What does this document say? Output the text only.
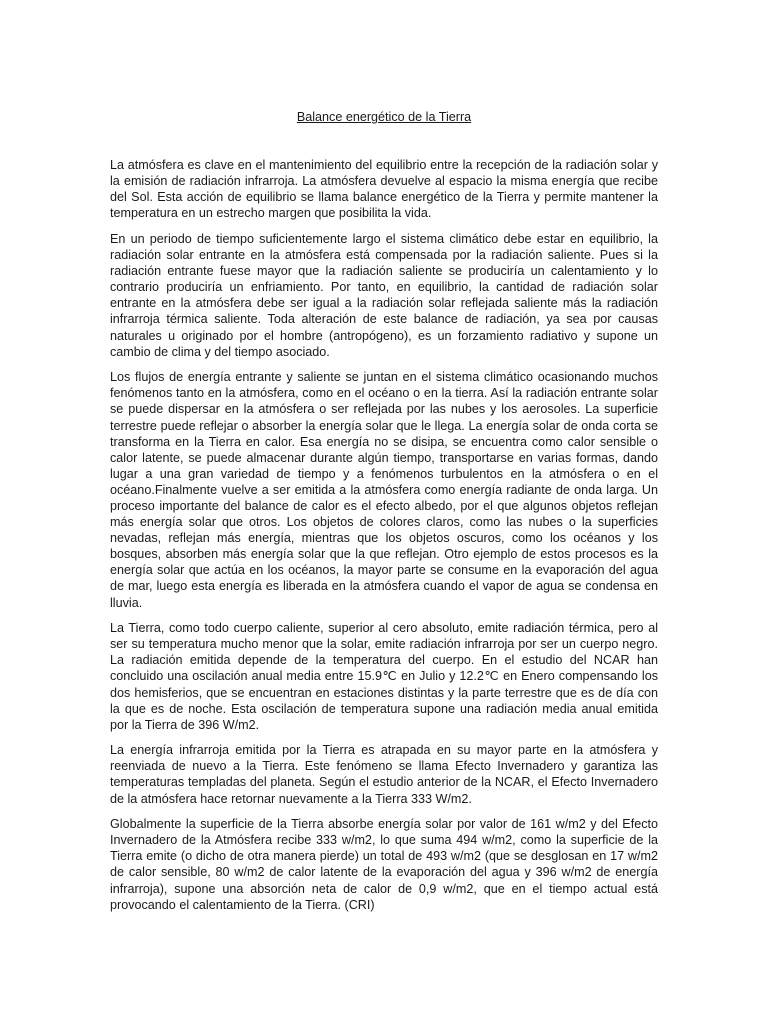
Balance energético de la Tierra

La atmósfera es clave en el mantenimiento del equilibrio entre la recepción de la radiación solar y la emisión de radiación infrarroja. La atmósfera devuelve al espacio la misma energía que recibe del Sol. Esta acción de equilibrio se llama balance energético de la Tierra y permite mantener la temperatura en un estrecho margen que posibilita la vida.

En un periodo de tiempo suficientemente largo el sistema climático debe estar en equilibrio, la radiación solar entrante en la atmósfera está compensada por la radiación saliente. Pues si la radiación entrante fuese mayor que la radiación saliente se produciría un calentamiento y lo contrario produciría un enfriamiento. Por tanto, en equilibrio, la cantidad de radiación solar entrante en la atmósfera debe ser igual a la radiación solar reflejada saliente más la radiación infrarroja térmica saliente. Toda alteración de este balance de radiación, ya sea por causas naturales u originado por el hombre (antropógeno), es un forzamiento radiativo y supone un cambio de clima y del tiempo asociado.

Los flujos de energía entrante y saliente se juntan en el sistema climático ocasionando muchos fenómenos tanto en la atmósfera, como en el océano o en la tierra. Así la radiación entrante solar se puede dispersar en la atmósfera o ser reflejada por las nubes y los aerosoles. La superficie terrestre puede reflejar o absorber la energía solar que le llega. La energía solar de onda corta se transforma en la Tierra en calor. Esa energía no se disipa, se encuentra como calor sensible o calor latente, se puede almacenar durante algún tiempo, transportarse en varias formas, dando lugar a una gran variedad de tiempo y a fenómenos turbulentos en la atmósfera o en el océano.Finalmente vuelve a ser emitida a la atmósfera como energía radiante de onda larga. Un proceso importante del balance de calor es el efecto albedo, por el que algunos objetos reflejan más energía solar que otros. Los objetos de colores claros, como las nubes o la superficies nevadas, reflejan más energía, mientras que los objetos oscuros, como los océanos y los bosques, absorben más energía solar que la que reflejan. Otro ejemplo de estos procesos es la energía solar que actúa en los océanos, la mayor parte se consume en la evaporación del agua de mar, luego esta energía es liberada en la atmósfera cuando el vapor de agua se condensa en lluvia.

La Tierra, como todo cuerpo caliente, superior al cero absoluto, emite radiación térmica, pero al ser su temperatura mucho menor que la solar, emite radiación infrarroja por ser un cuerpo negro. La radiación emitida depende de la temperatura del cuerpo. En el estudio del NCAR han concluido una oscilación anual media entre 15.9℃ en Julio y 12.2℃ en Enero compensando los dos hemisferios, que se encuentran en estaciones distintas y la parte terrestre que es de día con la que es de noche. Esta oscilación de temperatura supone una radiación media anual emitida por la Tierra de 396 W/m2.

La energía infrarroja emitida por la Tierra es atrapada en su mayor parte en la atmósfera y reenviada de nuevo a la Tierra. Este fenómeno se llama Efecto Invernadero y garantiza las temperaturas templadas del planeta. Según el estudio anterior de la NCAR, el Efecto Invernadero de la atmósfera hace retornar nuevamente a la Tierra 333 W/m2.

Globalmente la superficie de la Tierra absorbe energía solar por valor de 161 w/m2 y del Efecto Invernadero de la Atmósfera recibe 333 w/m2, lo que suma 494 w/m2, como la superficie de la Tierra emite (o dicho de otra manera pierde) un total de 493 w/m2 (que se desglosan en 17 w/m2 de calor sensible, 80 w/m2 de calor latente de la evaporación del agua y 396 w/m2 de energía infrarroja), supone una absorción neta de calor de 0,9 w/m2, que en el tiempo actual está provocando el calentamiento de la Tierra. (CRI)
